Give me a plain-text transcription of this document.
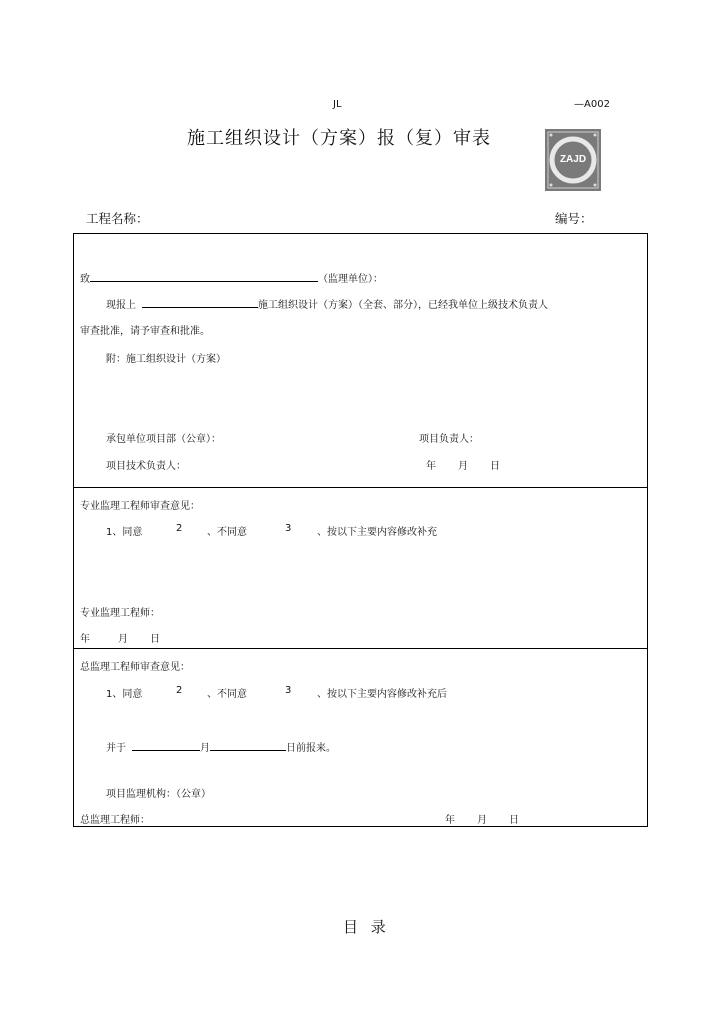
JL	—A002
施工组织设计（方案）报（复）审表
ZAJD
工程名称：	编号：
致	（监理单位）：
现报上	施工组织设计（方案）（全套、部分），已经我单位上级技术负责人
审查批准，请予审查和批准。
附：施工组织设计（方案）
承包单位项目部（公章）：	项目负责人：
项目技术负责人：	年 月 日
专业监理工程师审查意见：
1、同意	2 、不同意	3	、按以下主要内容修改补充
专业监理工程师：
年	月 日
总监理工程师审查意见：
1、同意	2 、不同意	3	、按以下主要内容修改补充后
并于	月	日前报来。
项目监理机构：（公章）
总监理工程师：	年 月 日
目 录
